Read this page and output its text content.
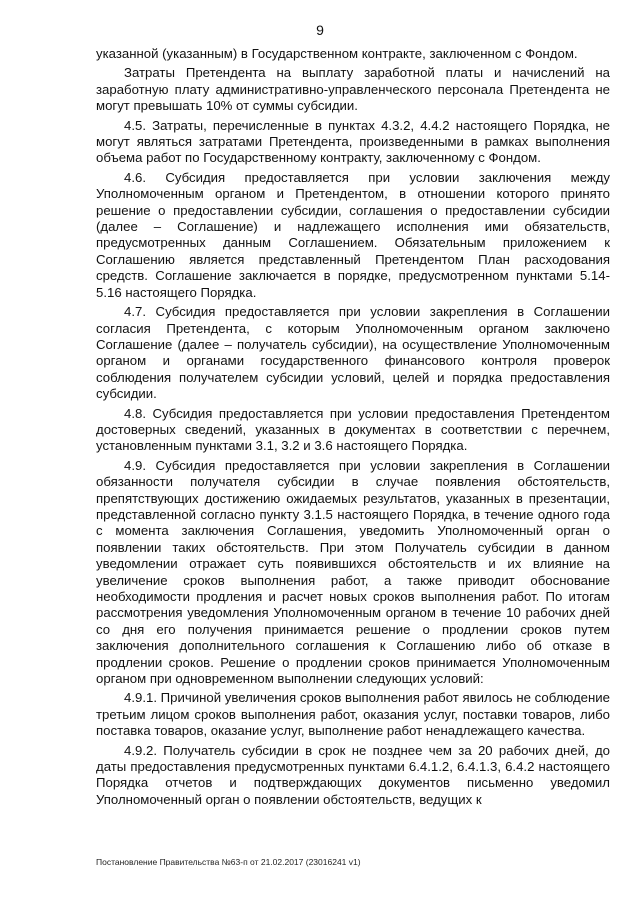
9

указанной (указанным) в Государственном контракте, заключенном с Фондом.

Затраты Претендента на выплату заработной платы и начислений на заработную плату административно-управленческого персонала Претендента не могут превышать 10% от суммы субсидии.

4.5. Затраты, перечисленные в пунктах 4.3.2, 4.4.2 настоящего Порядка, не могут являться затратами Претендента, произведенными в рамках выполнения объема работ по Государственному контракту, заключенному с Фондом.

4.6. Субсидия предоставляется при условии заключения между Уполномоченным органом и Претендентом, в отношении которого принято решение о предоставлении субсидии, соглашения о предоставлении субсидии (далее – Соглашение) и надлежащего исполнения ими обязательств, предусмотренных данным Соглашением. Обязательным приложением к Соглашению является представленный Претендентом План расходования средств. Соглашение заключается в порядке, предусмотренном пунктами 5.14-5.16 настоящего Порядка.

4.7. Субсидия предоставляется при условии закрепления в Соглашении согласия Претендента, с которым Уполномоченным органом заключено Соглашение (далее – получатель субсидии), на осуществление Уполномоченным органом и органами государственного финансового контроля проверок соблюдения получателем субсидии условий, целей и порядка предоставления субсидии.

4.8. Субсидия предоставляется при условии предоставления Претендентом достоверных сведений, указанных в документах в соответствии с перечнем, установленным пунктами 3.1, 3.2 и 3.6 настоящего Порядка.

4.9. Субсидия предоставляется при условии закрепления в Соглашении обязанности получателя субсидии в случае появления обстоятельств, препятствующих достижению ожидаемых результатов, указанных в презентации, представленной согласно пункту 3.1.5 настоящего Порядка, в течение одного года с момента заключения Соглашения, уведомить Уполномоченный орган о появлении таких обстоятельств. При этом Получатель субсидии в данном уведомлении отражает суть появившихся обстоятельств и их влияние на увеличение сроков выполнения работ, а также приводит обоснование необходимости продления и расчет новых сроков выполнения работ. По итогам рассмотрения уведомления Уполномоченным органом в течение 10 рабочих дней со дня его получения принимается решение о продлении сроков путем заключения дополнительного соглашения к Соглашению либо об отказе в продлении сроков. Решение о продлении сроков принимается Уполномоченным органом при одновременном выполнении следующих условий:

4.9.1. Причиной увеличения сроков выполнения работ явилось не соблюдение третьим лицом сроков выполнения работ, оказания услуг, поставки товаров, либо поставка товаров, оказание услуг, выполнение работ ненадлежащего качества.

4.9.2. Получатель субсидии в срок не позднее чем за 20 рабочих дней, до даты предоставления предусмотренных пунктами 6.4.1.2, 6.4.1.3, 6.4.2 настоящего Порядка отчетов и подтверждающих документов письменно уведомил Уполномоченный орган о появлении обстоятельств, ведущих к

Постановление Правительства №63-п от 21.02.2017 (23016241 v1)
